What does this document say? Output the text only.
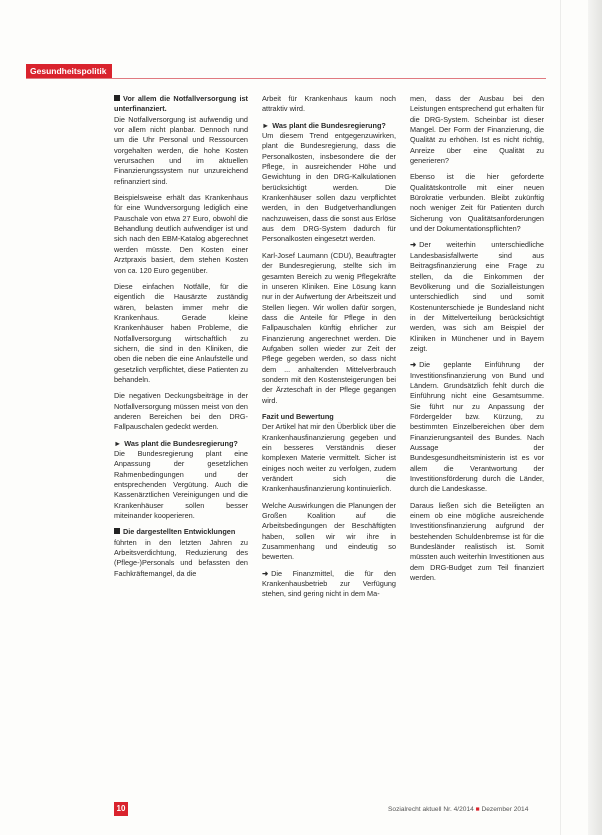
Gesundheitspolitik

Vor allem die Notfallversorgung ist unterfinanziert.
Die Notfallversorgung ist aufwendig und vor allem nicht planbar. Dennoch rund um die Uhr Personal und Ressourcen vorgehalten werden, die hohe Kosten verursachen und im aktuellen Finanzierungssystem nur unzureichend refinanziert sind.

Beispielsweise erhält das Krankenhaus für eine Wundversorgung lediglich eine Pauschale von etwa 27 Euro, obwohl die Behandlung deutlich aufwendiger ist und sich nach den EBM-Katalog abgerechnet werden müsste. Den Kosten einer Arztpraxis basiert, dem stehen Kosten von ca. 120 Euro gegenüber.

Diese einfachen Notfälle, für die eigentlich die Hausärzte zuständig wären, belasten immer mehr die Krankenhaus. Gerade kleine Krankenhäuser haben Probleme, die Notfallversorgung wirtschaftlich zu sichern, die sind in den Kliniken, die oben die neben die eine Anlaufstelle und gesetzlich verpflichtet, diese Patienten zu behandeln.

Die negativen Deckungsbeiträge in der Notfallversorgung müssen meist von den anderen Bereichen bei den DRG-Fallpauschalen gedeckt werden.

► Was plant die Bundesregierung?
Die Bundesregierung plant eine Anpassung der gesetzlichen Rahmenbedingungen und der entsprechenden Vergütung. Auch die Kassenärztlichen Vereinigungen und die Krankenhäuser sollen besser miteinander kooperieren.

Die dargestellten Entwicklungen
führten in den letzten Jahren zu Arbeitsverdichtung, Reduzierung des (Pflege-)Personals und befassten den Fachkräftemangel, da die

Arbeit für Krankenhaus kaum noch attraktiv wird.

► Was plant die Bundesregierung?
Um diesem Trend entgegenzuwirken, plant die Bundesregierung, dass die Personalkosten, insbesondere die der Pflege, in ausreichender Höhe und Gewichtung in den DRG-Kalkulationen berücksichtigt werden. Die Krankenhäuser sollen dazu verpflichtet werden, in den Budgetverhandlungen nachzuweisen, dass die sonst aus Erlöse aus dem DRG-System dadurch für Personalkosten eingesetzt werden.

Karl-Josef Laumann (CDU), Beauftragter der Bundesregierung, stellte sich im gesamten Bereich zu wenig Pflegekräfte in unseren Kliniken. Eine Lösung kann nur in der Aufwertung der Arbeitszeit und Stellen liegen. Wir wollen dafür sorgen, dass die Anteile für Pflege in den Fallpauschalen künftig ehrlicher zur Finanzierung angerechnet werden. Die Aufgaben sollen wieder zur Zeit der Pflege gegeben werden, so dass nicht dem ... anhaltenden Mittelverbrauch sondern mit den Kostensteigerungen bei der Ärzteschaft in der Pflege gegangen wird.

Fazit und Bewertung
Der Artikel hat mir den Überblick über die Krankenhausfinanzierung gegeben und ein besseres Verständnis dieser komplexen Materie vermittelt. Sicher ist einiges noch weiter zu verfolgen, zudem verändert sich die Krankenhausfinanzierung kontinuierlich.

Welche Auswirkungen die Planungen der Großen Koalition auf die Arbeitsbedingungen der Beschäftigten haben, sollen wir wir ihre in Zusammenhang und eindeutig so bewerten.

➜ Die Finanzmittel, die für den Krankenhausbetrieb zur Verfügung stehen, sind gering nicht in dem Ma-

men, dass der Ausbau bei den Leistungen entsprechend gut erhalten für die DRG-System. Scheinbar ist dieser Mangel. Der Form der Finanzierung, die Qualität zu erhöhen. Ist es nicht richtig, Anreize über eine Qualität zu generieren?

Ebenso ist die hier geforderte Qualitätskontrolle mit einer neuen Bürokratie verbunden. Bleibt zukünftig noch weniger Zeit für Patienten durch Sicherung von Qualitätsanforderungen und der Dokumentationspflichten?

➜ Der weiterhin unterschiedliche Landesbasisfallwerte sind aus Beitragsfinanzierung eine Frage zu stellen, da die Einkommen der Bevölkerung und die Sozialleistungen unterschiedlich sind und somit Kostenunterschiede je Bundesland nicht in der Mittelverteilung berücksichtigt werden, was sich am Beispiel der Kliniken in Münchener und in Bayern zeigt.

➜ Die geplante Einführung der Investitionsfinanzierung von Bund und Ländern. Grundsätzlich fehlt durch die Einführung nicht eine Gesamtsumme. Sie führt nur zu Anpassung der Fördergelder bzw. Kürzung, zu bestimmten Einzelbereichen über dem Finanzierungsanteil des Bundes. Nach Aussage der Bundesgesundheitsministerin ist es vor allem die Verantwortung der Investitionsförderung durch die Länder, durch die Landeskasse.

Daraus ließen sich die Beteiligten an einem ob eine mögliche ausreichende Investitionsfinanzierung aufgrund der bestehenden Schuldenbremse ist für die Bundesländer realistisch ist. Somit müssten auch weiterhin Investitionen aus dem DRG-Budget zum Teil finanziert werden.

10	Sozialrecht aktuell Nr. 4/2014 ■ Dezember 2014
